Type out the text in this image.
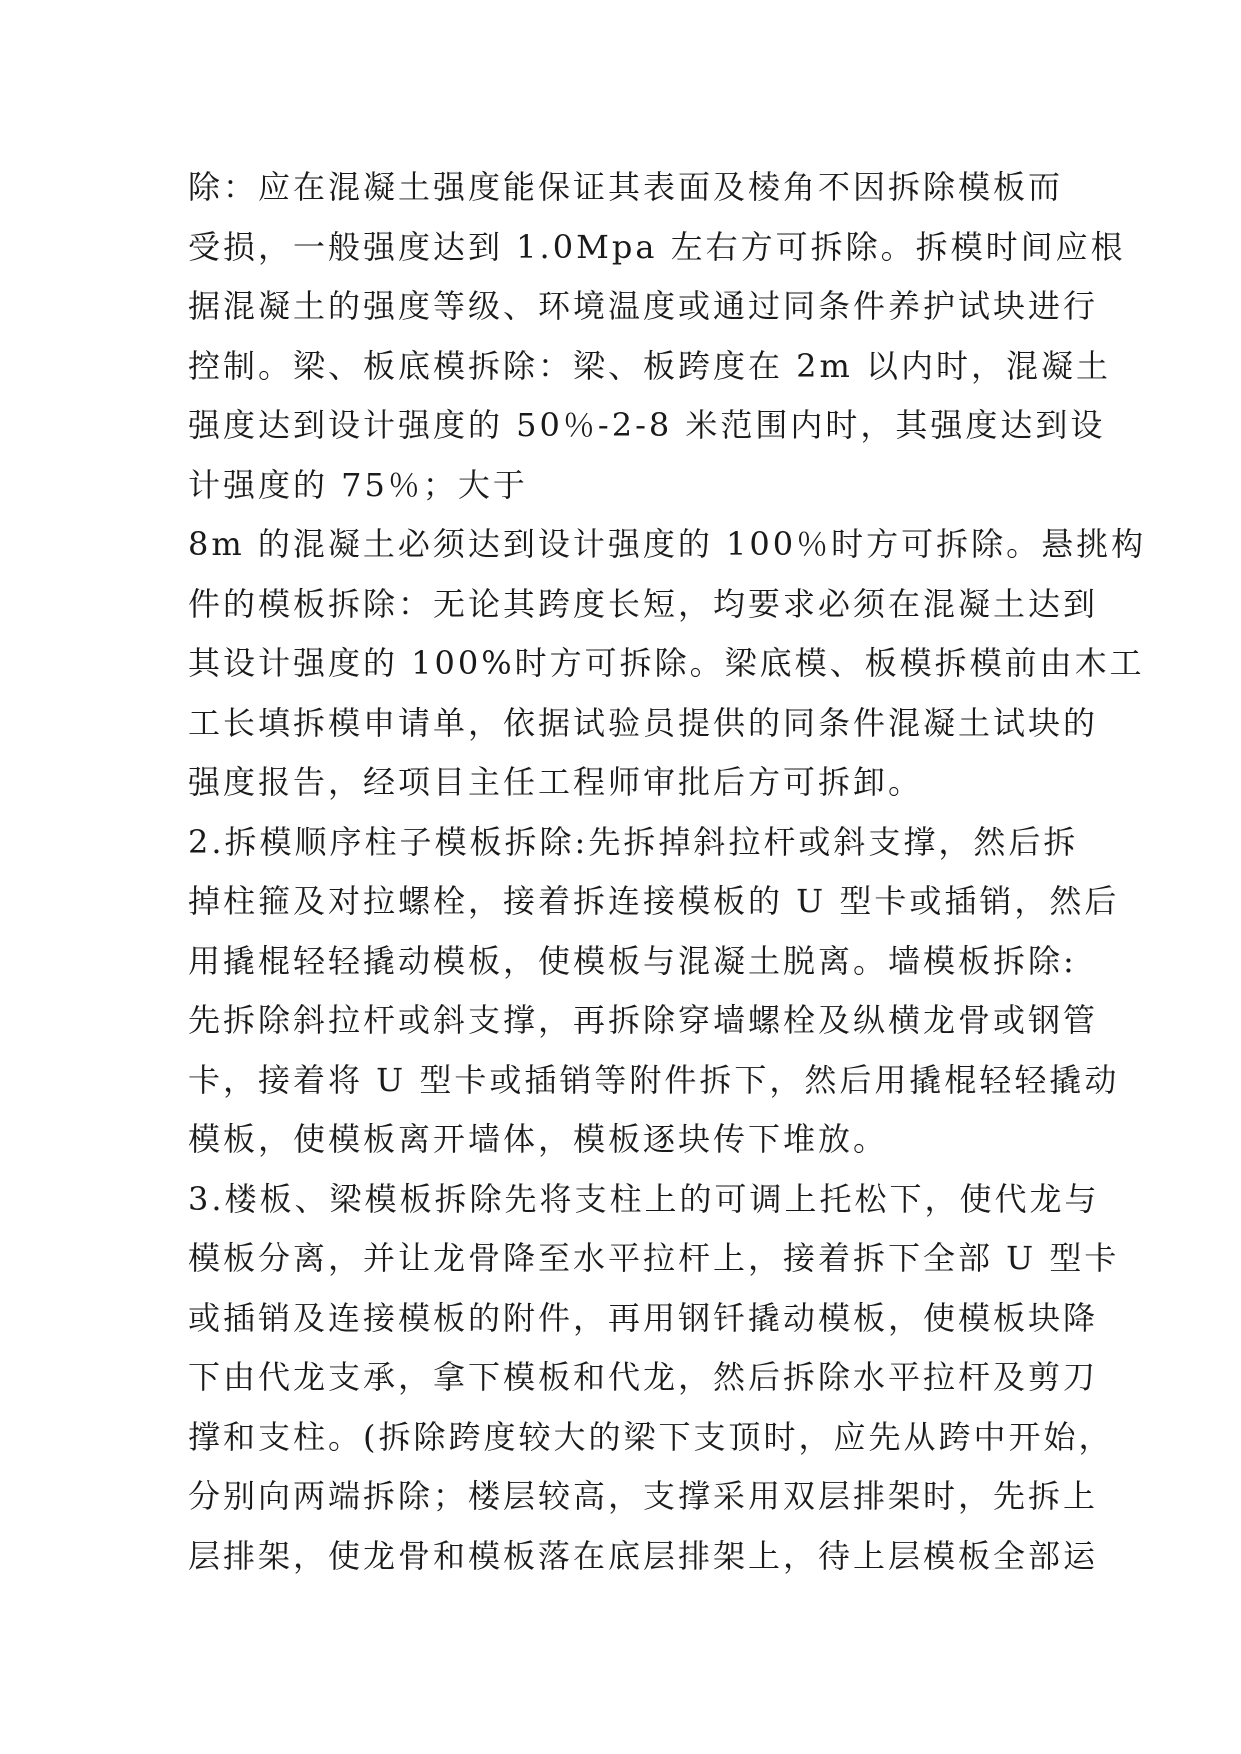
除：应在混凝土强度能保证其表面及棱角不因拆除模板而
受损，一般强度达到 1.0Mpa 左右方可拆除。拆模时间应根
据混凝土的强度等级、环境温度或通过同条件养护试块进行
控制。梁、板底模拆除：梁、板跨度在 2m 以内时，混凝土
强度达到设计强度的 50％-2-8 米范围内时，其强度达到设
计强度的 75％；大于
8m 的混凝土必须达到设计强度的 100％时方可拆除。悬挑构
件的模板拆除：无论其跨度长短，均要求必须在混凝土达到
其设计强度的 100%时方可拆除。梁底模、板模拆模前由木工
工长填拆模申请单，依据试验员提供的同条件混凝土试块的
强度报告，经项目主任工程师审批后方可拆卸。
2.拆模顺序柱子模板拆除:先拆掉斜拉杆或斜支撑，然后拆
掉柱箍及对拉螺栓，接着拆连接模板的 U 型卡或插销，然后
用撬棍轻轻撬动模板，使模板与混凝土脱离。墙模板拆除:
先拆除斜拉杆或斜支撑，再拆除穿墙螺栓及纵横龙骨或钢管
卡，接着将 U 型卡或插销等附件拆下，然后用撬棍轻轻撬动
模板，使模板离开墙体，模板逐块传下堆放。
3.楼板、梁模板拆除先将支柱上的可调上托松下，使代龙与
模板分离，并让龙骨降至水平拉杆上，接着拆下全部 U 型卡
或插销及连接模板的附件，再用钢钎撬动模板，使模板块降
下由代龙支承，拿下模板和代龙，然后拆除水平拉杆及剪刀
撑和支柱。(拆除跨度较大的梁下支顶时，应先从跨中开始，
分别向两端拆除；楼层较高，支撑采用双层排架时，先拆上
层排架，使龙骨和模板落在底层排架上，待上层模板全部运
